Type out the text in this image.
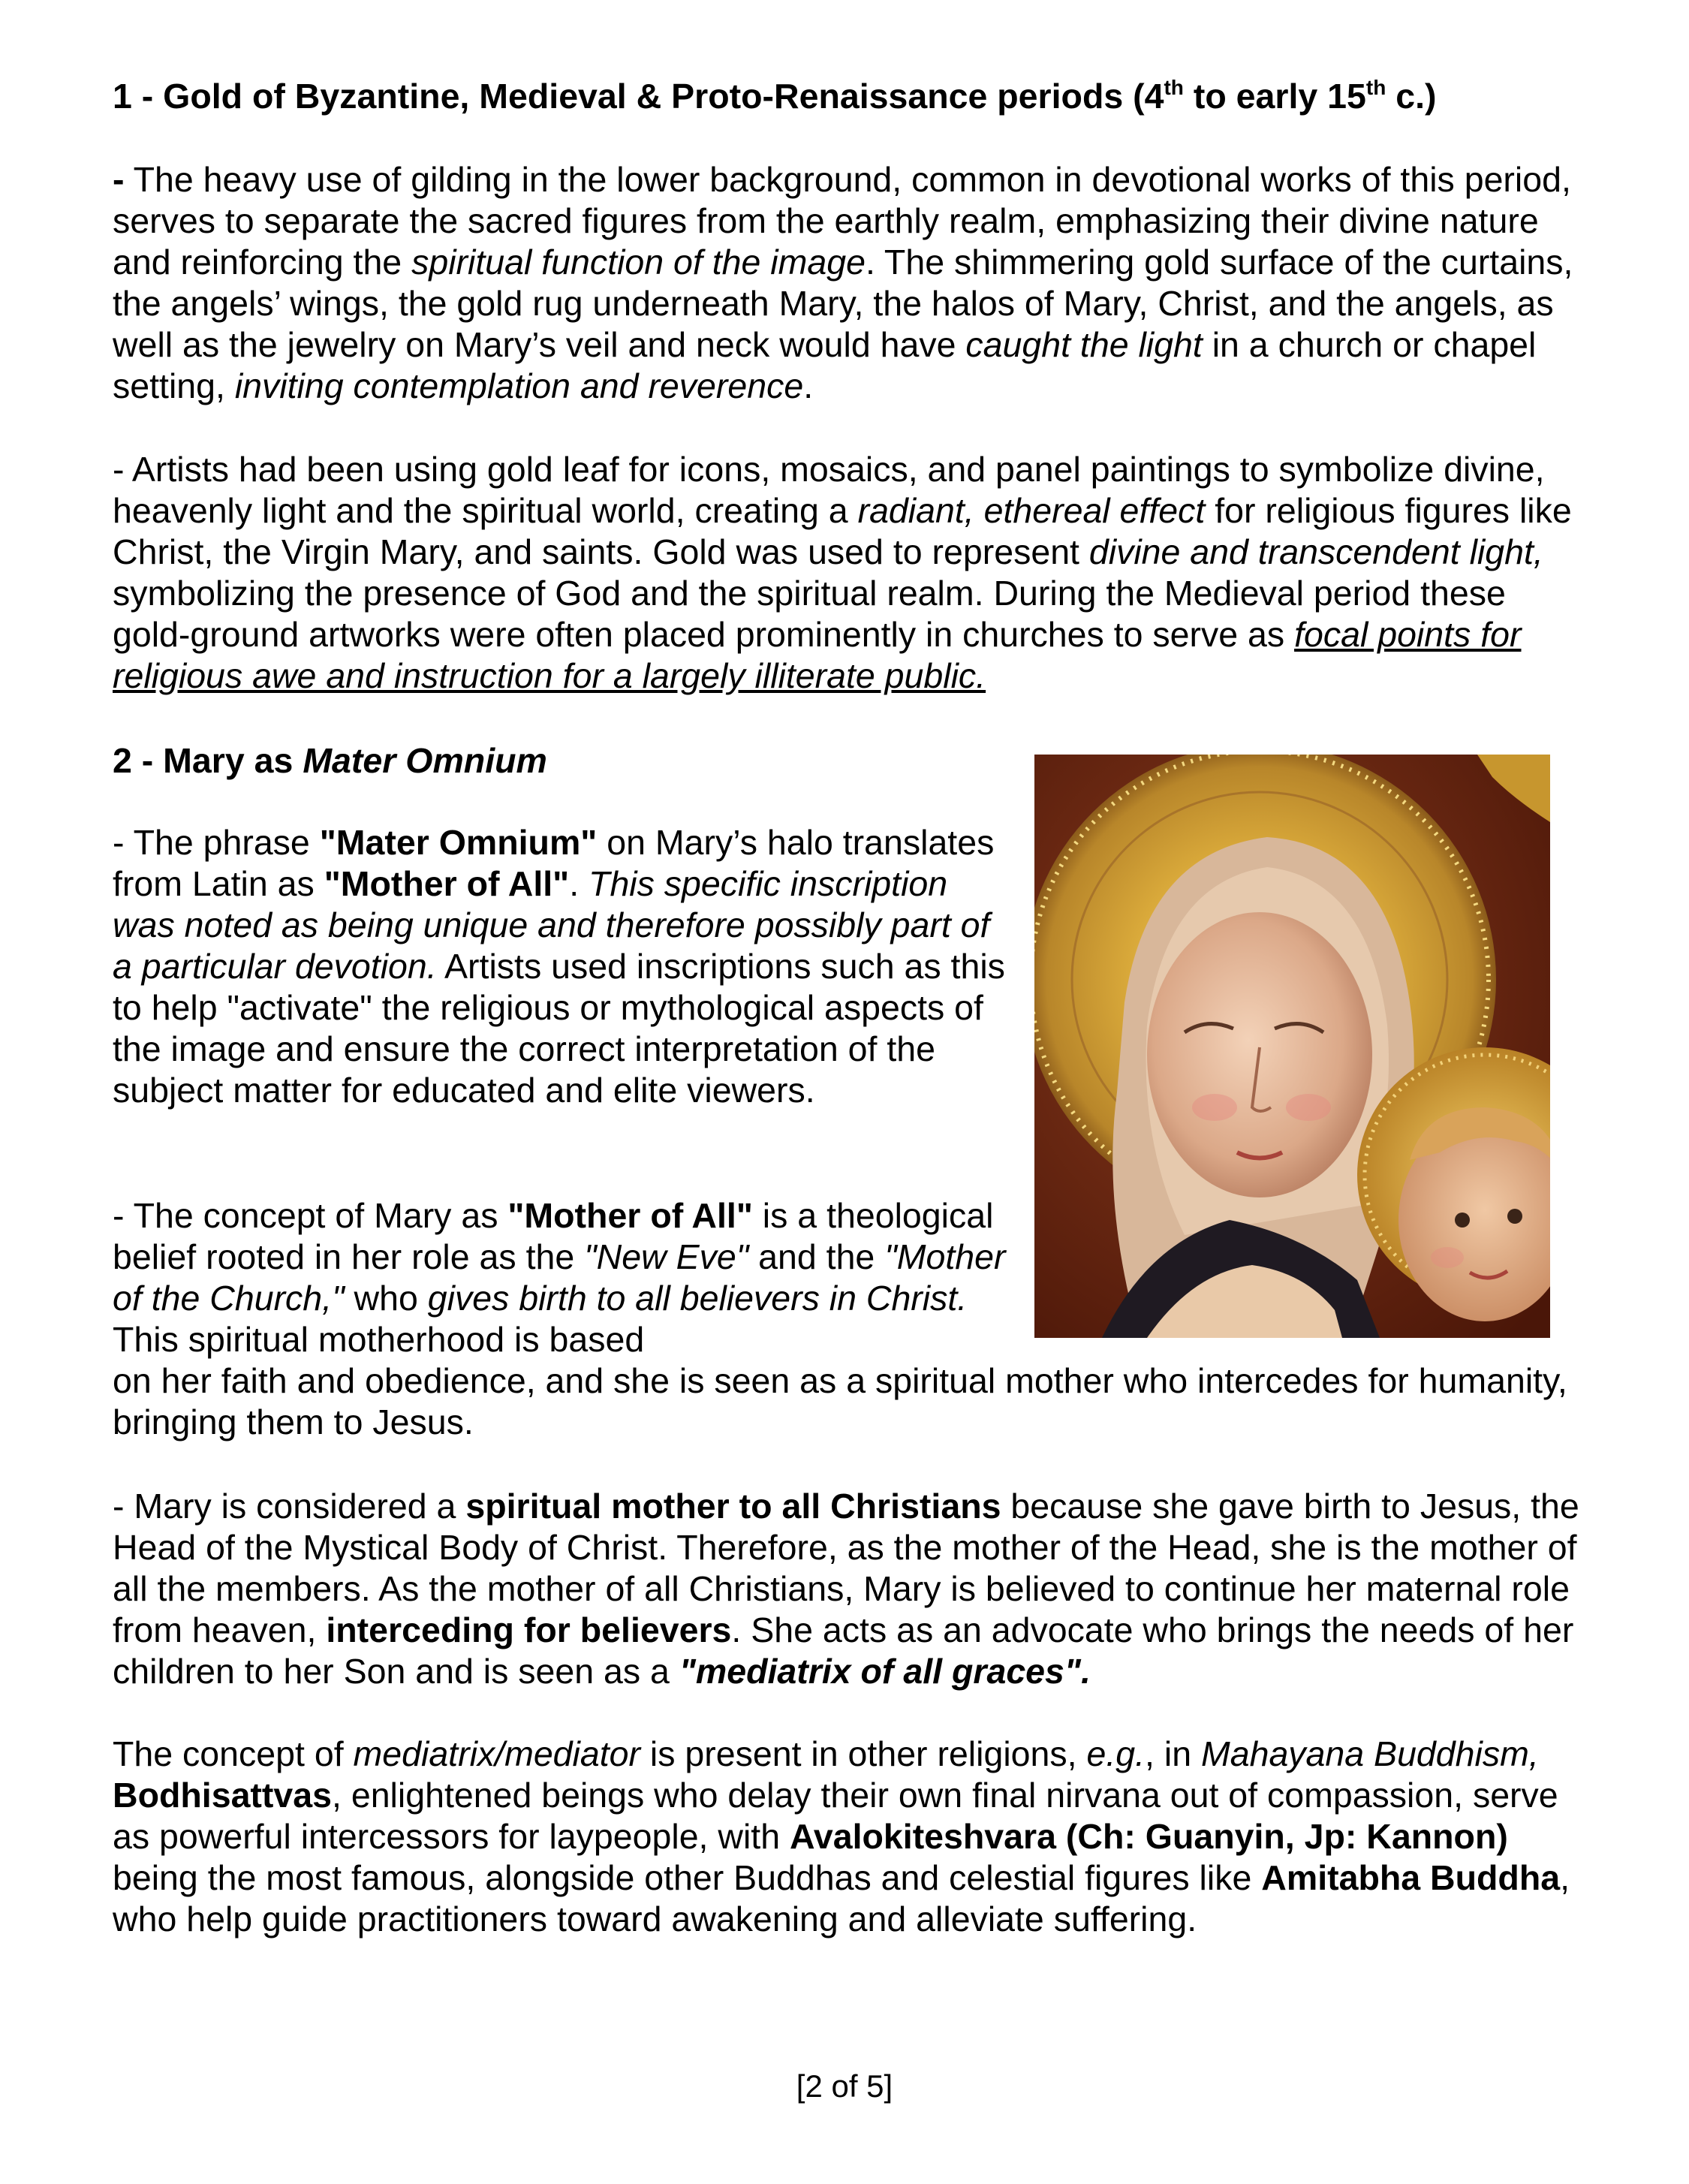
1 - Gold of Byzantine, Medieval & Proto-Renaissance periods (4th to early 15th c.)

- The heavy use of gilding in the lower background, common in devotional works of this period, serves to separate the sacred figures from the earthly realm, emphasizing their divine nature and reinforcing the spiritual function of the image. The shimmering gold surface of the curtains, the angels’ wings, the gold rug underneath Mary, the halos of Mary, Christ, and the angels, as well as the jewelry on Mary’s veil and neck would have caught the light in a church or chapel setting, inviting contemplation and reverence.

- Artists had been using gold leaf for icons, mosaics, and panel paintings to symbolize divine, heavenly light and the spiritual world, creating a radiant, ethereal effect for religious figures like Christ, the Virgin Mary, and saints. Gold was used to represent divine and transcendent light, symbolizing the presence of God and the spiritual realm. During the Medieval period these gold-ground artworks were often placed prominently in churches to serve as focal points for religious awe and instruction for a largely illiterate public.

2 - Mary as Mater Omnium

- The phrase "Mater Omnium" on Mary’s halo translates from Latin as "Mother of All". This specific inscription was noted as being unique and therefore possibly part of a particular devotion. Artists used inscriptions such as this to help "activate" the religious or mythological aspects of the image and ensure the correct interpretation of the subject matter for educated and elite viewers.

- The concept of Mary as "Mother of All" is a theological belief rooted in her role as the "New Eve" and the "Mother of the Church," who gives birth to all believers in Christ. This spiritual motherhood is based

on her faith and obedience, and she is seen as a spiritual mother who intercedes for humanity, bringing them to Jesus.

- Mary is considered a spiritual mother to all Christians because she gave birth to Jesus, the Head of the Mystical Body of Christ. Therefore, as the mother of the Head, she is the mother of all the members. As the mother of all Christians, Mary is believed to continue her maternal role from heaven, interceding for believers. She acts as an advocate who brings the needs of her children to her Son and is seen as a "mediatrix of all graces".

The concept of mediatrix/mediator is present in other religions, e.g., in Mahayana Buddhism, Bodhisattvas, enlightened beings who delay their own final nirvana out of compassion, serve as powerful intercessors for laypeople, with Avalokiteshvara (Ch: Guanyin, Jp: Kannon) being the most famous, alongside other Buddhas and celestial figures like Amitabha Buddha, who help guide practitioners toward awakening and alleviate suffering.

[2 of 5]
